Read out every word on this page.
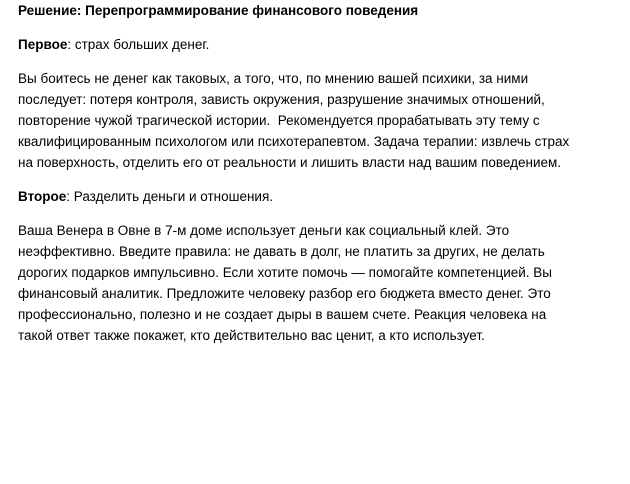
Решение: Перепрограммирование финансового поведения
Первое: страх больших денег.
Вы боитесь не денег как таковых, а того, что, по мнению вашей психики, за ними
последует: потеря контроля, зависть окружения, разрушение значимых отношений,
повторение чужой трагической истории.  Рекомендуется прорабатывать эту тему с
квалифицированным психологом или психотерапевтом. Задача терапии: извлечь страх
на поверхность, отделить его от реальности и лишить власти над вашим поведением.
Второе: Разделить деньги и отношения.
Ваша Венера в Овне в 7-м доме использует деньги как социальный клей. Это
неэффективно. Введите правила: не давать в долг, не платить за других, не делать
дорогих подарков импульсивно. Если хотите помочь — помогайте компетенцией. Вы
финансовый аналитик. Предложите человеку разбор его бюджета вместо денег. Это
профессионально, полезно и не создает дыры в вашем счете. Реакция человека на
такой ответ также покажет, кто действительно вас ценит, а кто использует.
